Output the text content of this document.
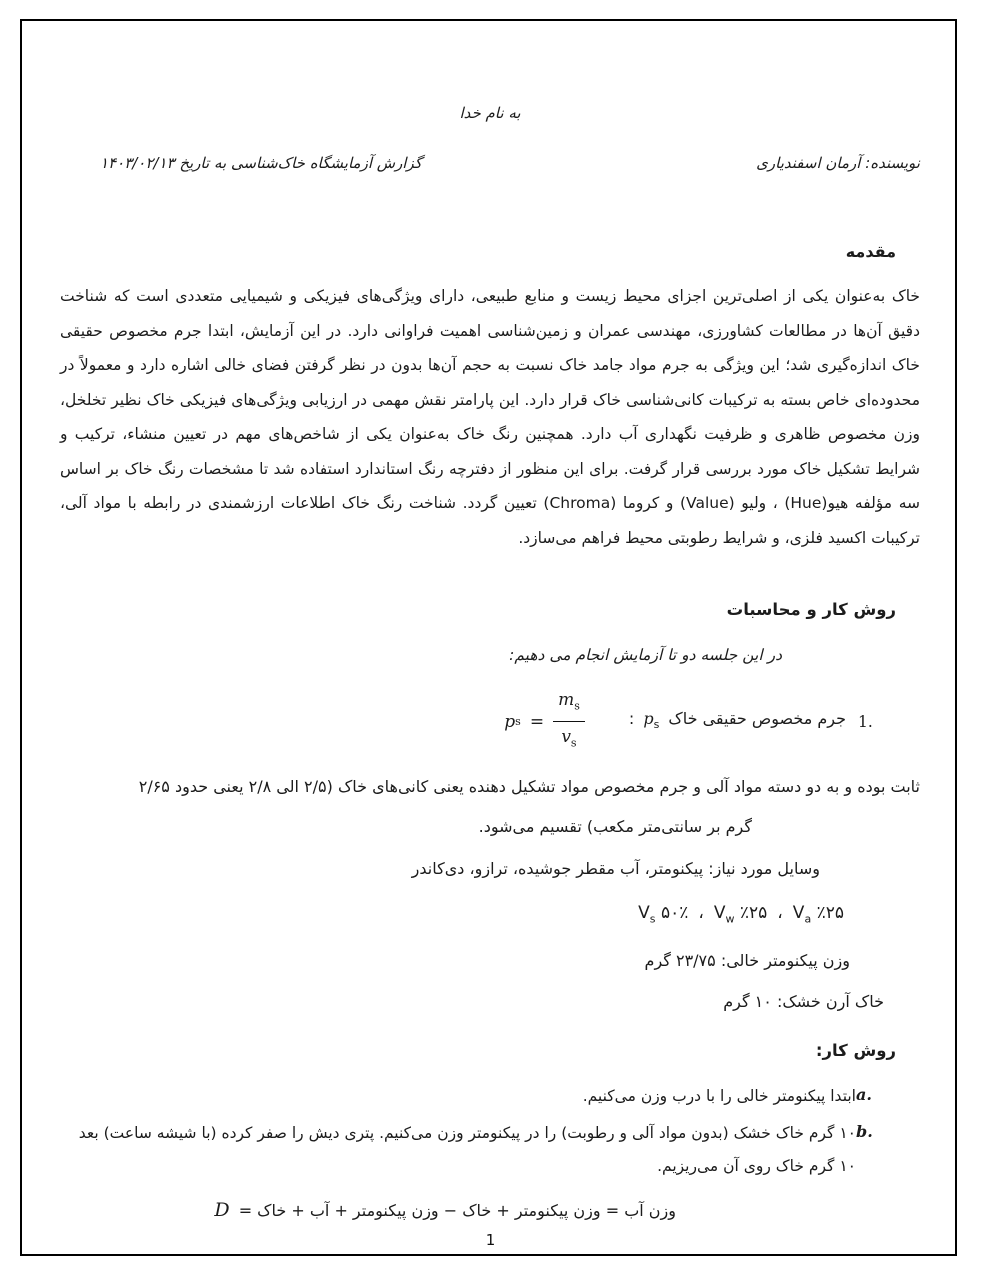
به نام خدا
نویسنده: آرمان اسفندیاری
گزارش آزمایشگاه خاک‌شناسی به تاریخ ۱۴۰۳/۰۲/۱۳
مقدمه

خاک به‌عنوان یکی از اصلی‌ترین اجزای محیط زیست و منابع طبیعی، دارای ویژگی‌های فیزیکی و شیمیایی متعددی است که شناخت دقیق آن‌ها در مطالعات کشاورزی، مهندسی عمران و زمین‌شناسی اهمیت فراوانی دارد. در این آزمایش، ابتدا جرم مخصوص حقیقی خاک اندازه‌گیری شد؛ این ویژگی به جرم مواد جامد خاک نسبت به حجم آن‌ها بدون در نظر گرفتن فضای خالی اشاره دارد و معمولاً در محدوده‌ای خاص بسته به ترکیبات کانی‌شناسی خاک قرار دارد. این پارامتر نقش مهمی در ارزیابی ویژگی‌های فیزیکی خاک نظیر تخلخل، وزن مخصوص ظاهری و ظرفیت نگهداری آب دارد. همچنین رنگ خاک به‌عنوان یکی از شاخص‌های مهم در تعیین منشاء، ترکیب و شرایط تشکیل خاک مورد بررسی قرار گرفت. برای این منظور از دفترچه رنگ استاندارد استفاده شد تا مشخصات رنگ خاک بر اساس سه مؤلفه هیو(Hue) ، ولیو (Value) و کروما (Chroma) تعیین گردد. شناخت رنگ خاک اطلاعات ارزشمندی در رابطه با مواد آلی، ترکیبات اکسید فلزی، و شرایط رطوبتی محیط فراهم می‌سازد.

روش کار و محاسبات
در این جلسه دو تا آزمایش انجام می دهیم:
1.
جرم مخصوص حقیقی خاک $p_s$ :
p $s = \frac{m_s}{v_s}$
ثابت بوده و به دو دسته مواد آلی و جرم مخصوص مواد تشکیل دهنده یعنی کانی‌های خاک (۲/۵ الی ۲/۸ یعنی حدود ۲/۶۵
گرم بر سانتی‌متر مکعب) تقسیم می‌شود.
وسایل مورد نیاز: پیکنومتر، آب مقطر جوشیده، ترازو، دی‌کاندر
$V_s$ ۵۰٪ ، $V_w$ ٪۲۵ ، $V_a$ ٪۲۵
وزن پیکنومتر خالی: ۲۳/۷۵ گرم
خاک آرن خشک: ۱۰ گرم
روش کار:
a.
ابتدا پیکنومتر خالی را با درب وزن می‌کنیم.
b.
۱۰ گرم خاک خشک (بدون مواد آلی و رطوبت) را در پیکنومتر وزن می‌کنیم. پتری دیش را صفر کرده (با شیشه ساعت) بعد ۱۰ گرم خاک روی آن می‌ریزیم.
وزن آب = وزن پیکنومتر + خاک − وزن پیکنومتر + آب + خاک = D
1
